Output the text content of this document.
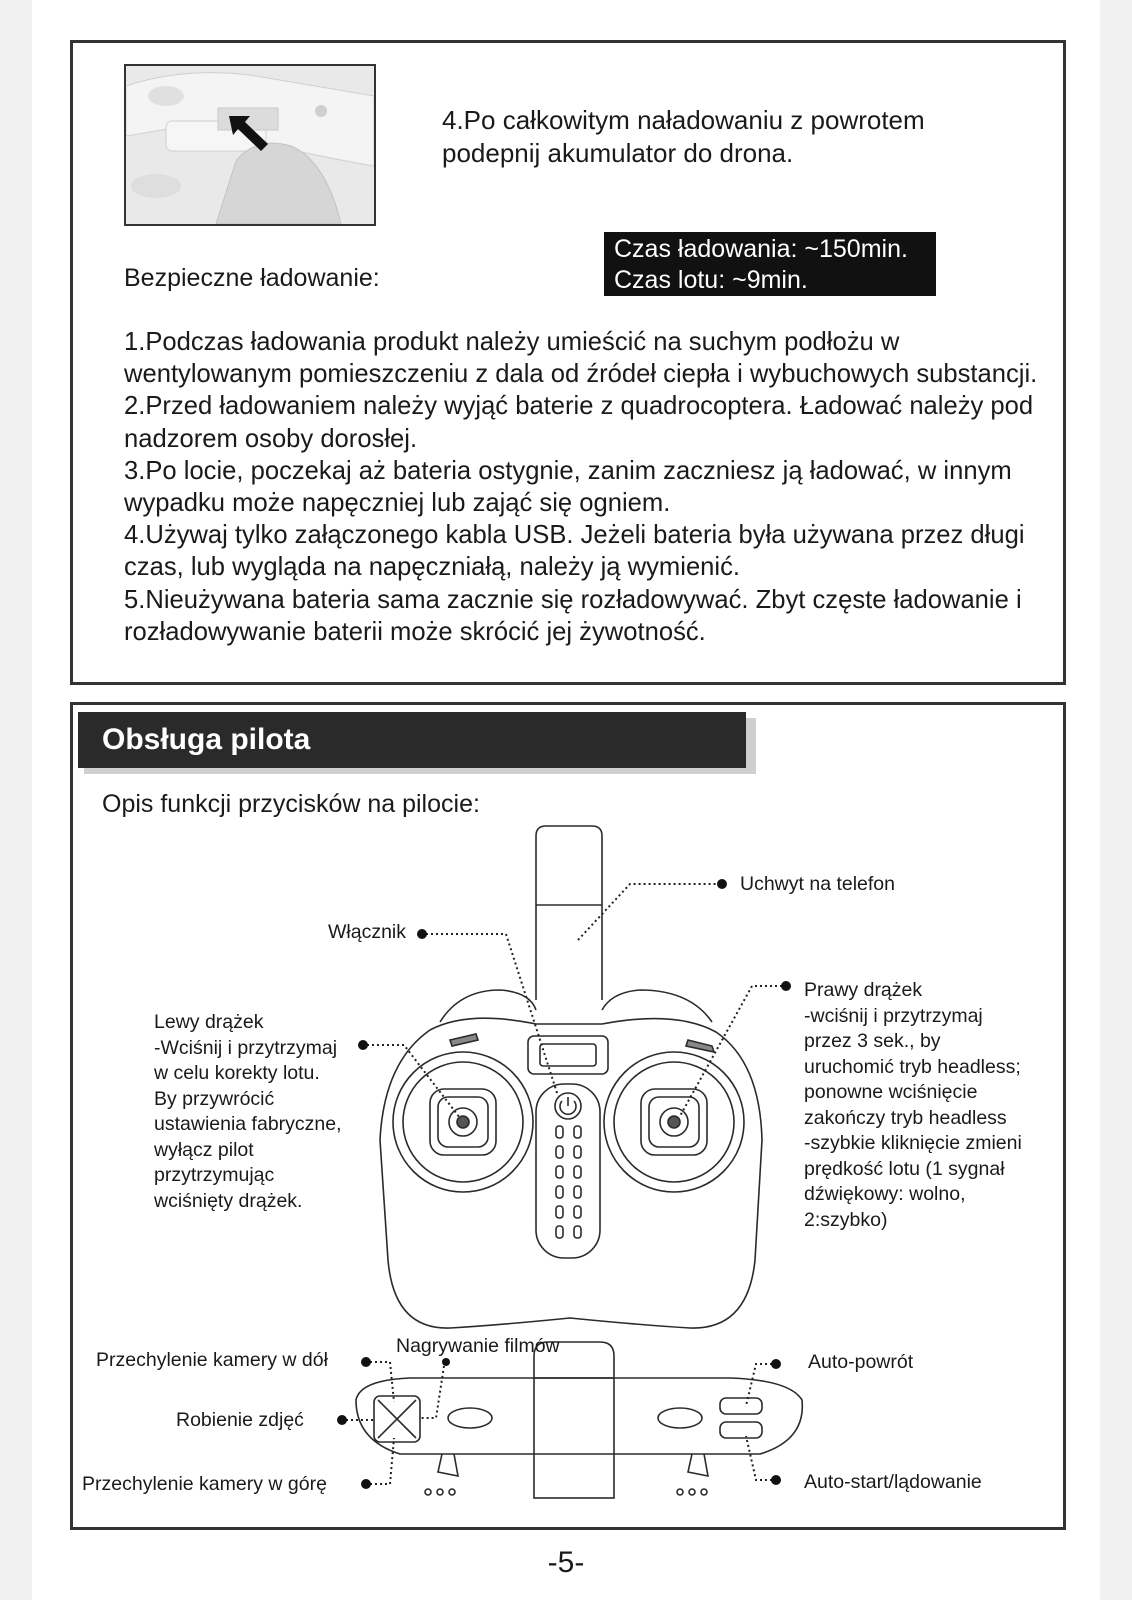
4.Po całkowitym naładowaniu z powrotem podepnij akumulator do drona.
Bezpieczne ładowanie:
Czas ładowania: ~150min.
Czas lotu: ~9min.

1.Podczas ładowania produkt należy umieścić na suchym podłożu w wentylowanym pomieszczeniu z dala od źródeł ciepła i wybuchowych substancji.

2.Przed ładowaniem należy wyjąć baterie z quadrocoptera. Ładować należy pod nadzorem osoby dorosłej.

3.Po locie, poczekaj aż bateria ostygnie, zanim zaczniesz ją ładować, w innym wypadku może napęczniej lub zająć się ogniem.

4.Używaj tylko załączonego kabla USB. Jeżeli bateria była używana przez długi czas, lub wygląda na napęczniałą, należy ją wymienić.

5.Nieużywana bateria sama zacznie się rozładowywać. Zbyt częste ładowanie i rozładowywanie baterii może skrócić jej żywotność.

Obsługa pilota
Opis funkcji przycisków na pilocie:
Uchwyt na telefon
Włącznik
Lewy drążek
-Wciśnij i przytrzymaj
w celu korekty lotu.
By przywrócić
ustawienia fabryczne,
wyłącz pilot
przytrzymując
wciśnięty drążek.
Prawy drążek
-wciśnij i przytrzymaj
przez 3 sek., by
uruchomić tryb headless;
ponowne wciśnięcie
zakończy tryb headless
-szybkie kliknięcie zmieni
prędkość lotu (1 sygnał
dźwiękowy: wolno,
2:szybko)
Przechylenie kamery w dół
Nagrywanie filmów
Robienie zdjęć
Przechylenie kamery w górę
Auto-powrót
Auto-start/lądowanie
-5-
